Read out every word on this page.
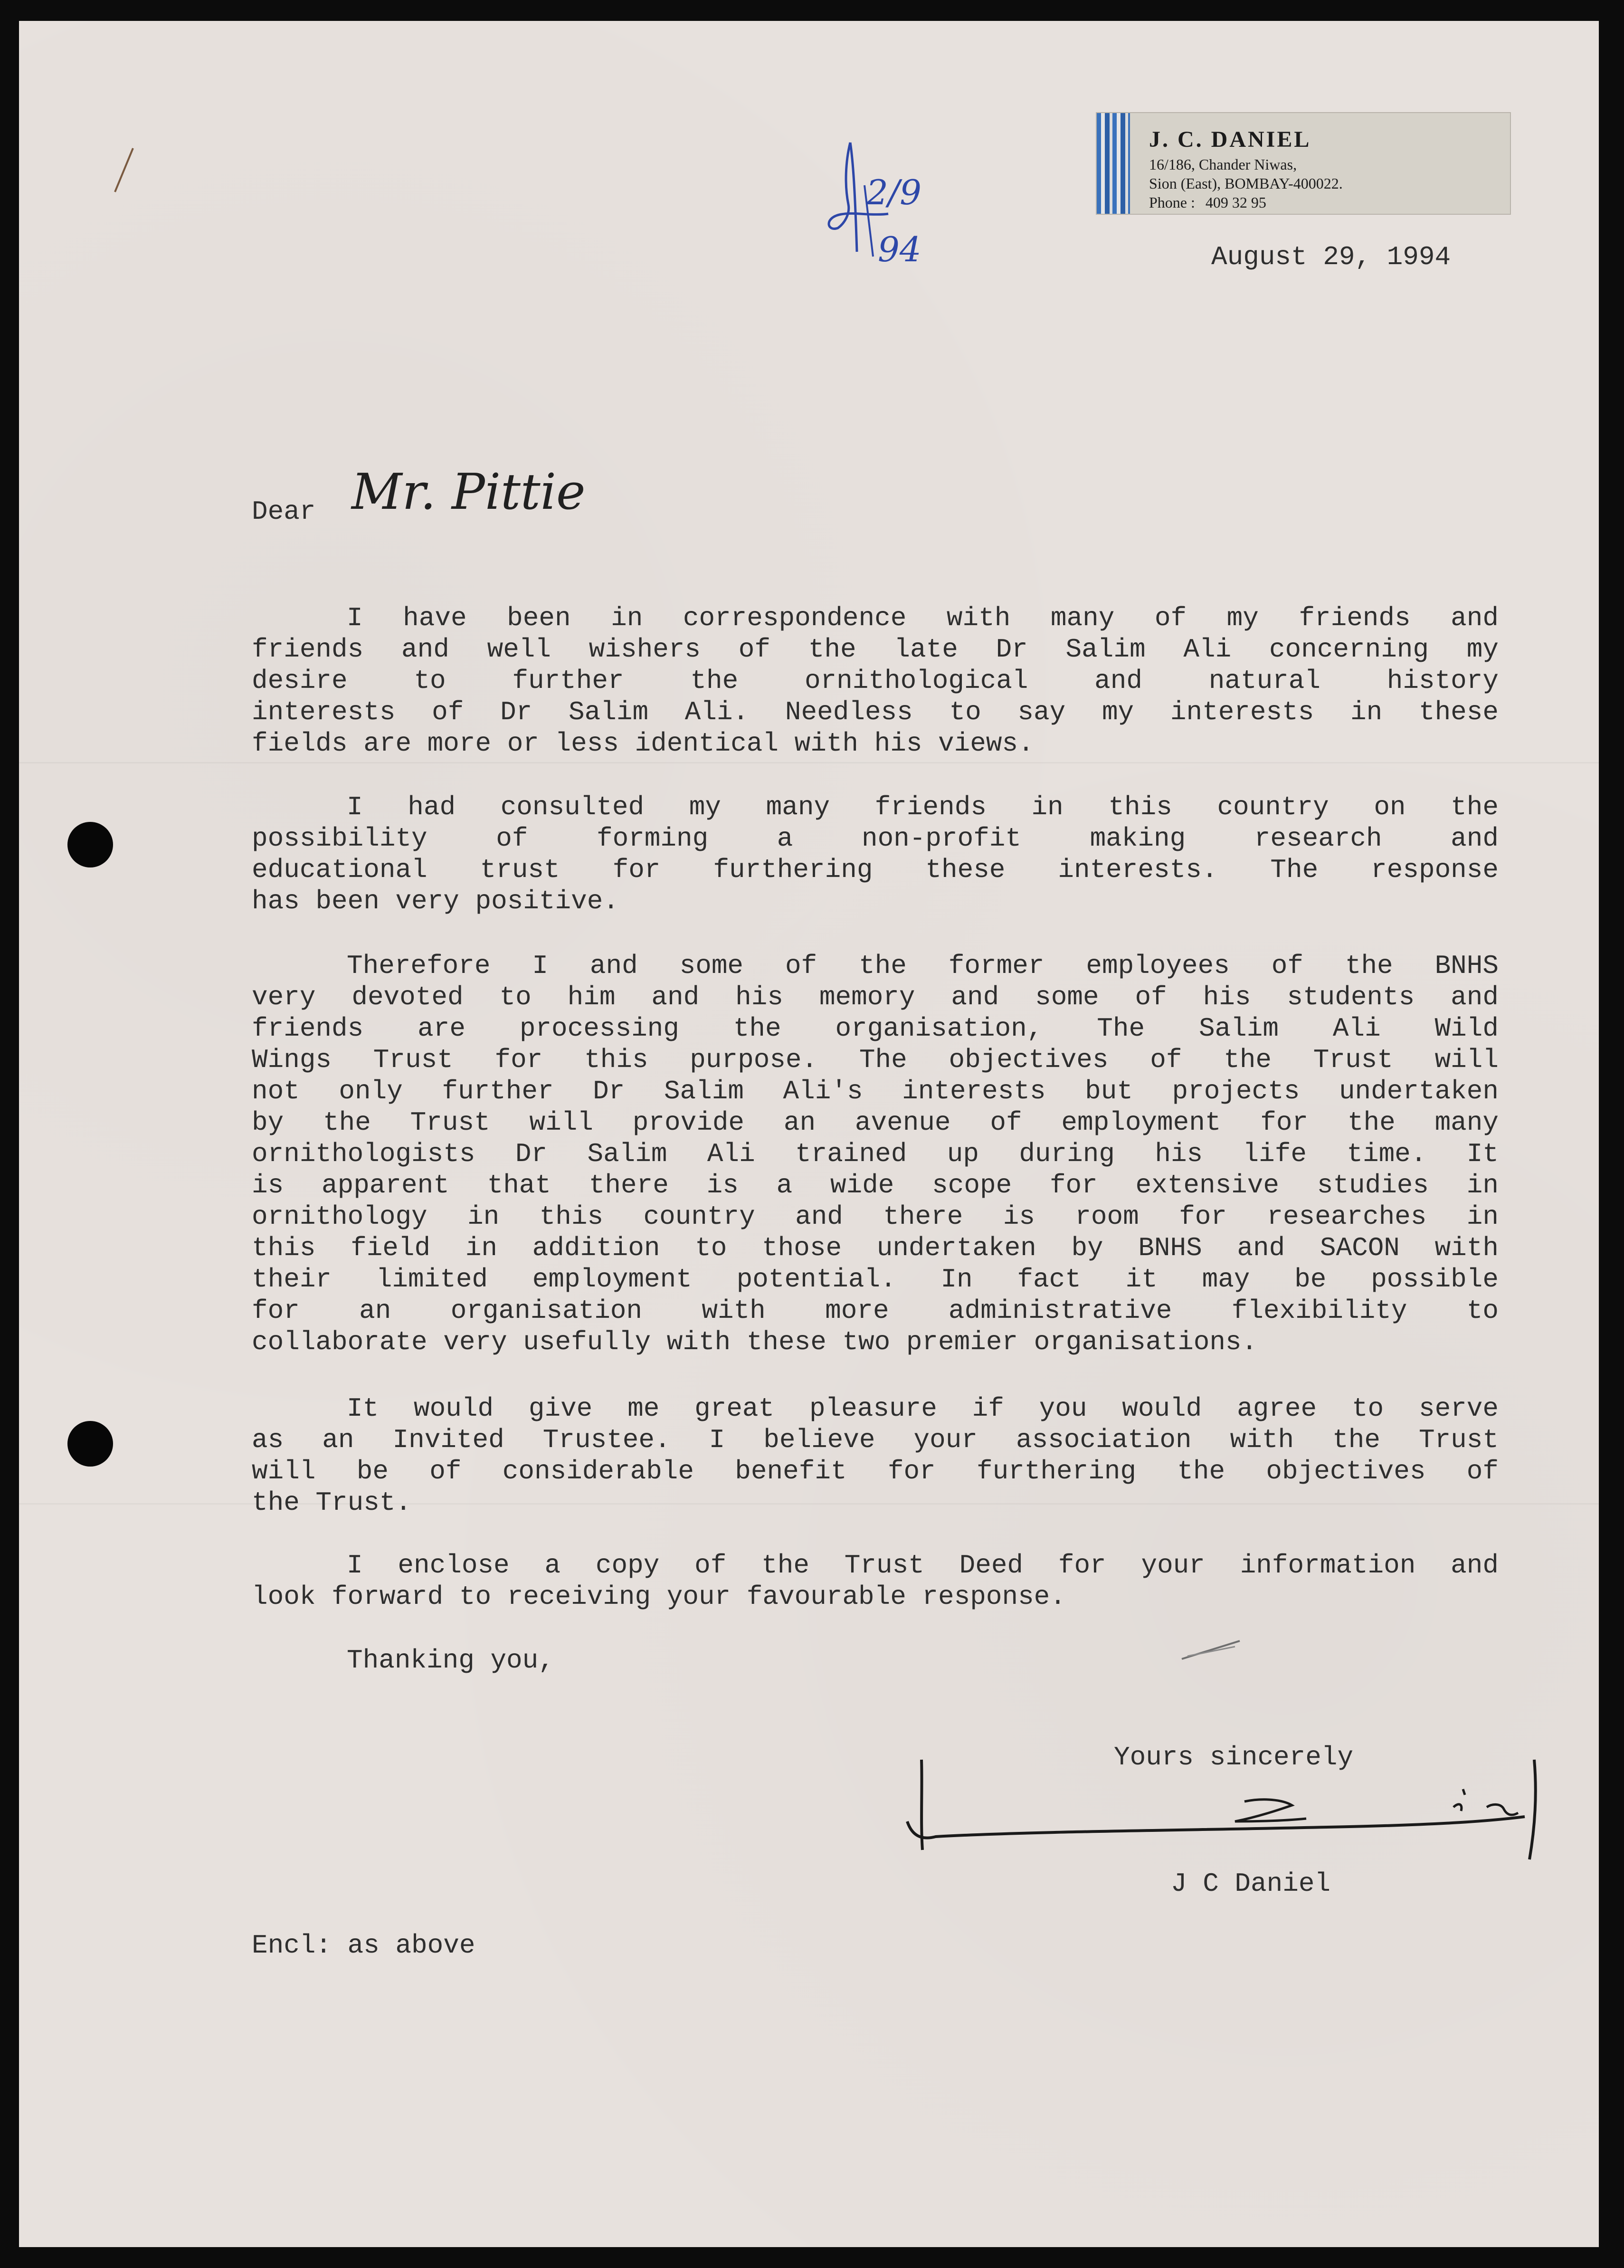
J. C. DANIEL
16/186, Chander Niwas,
Sion (East), BOMBAY-400022.
Phone : 409 32 95
2/9
94	August 29, 1994
Dear Mr. Pittie
I have been in correspondence with many of my friends and
friends and well wishers of the late Dr Salim Ali concerning my
desire to further the ornithological and natural history
interests of Dr Salim Ali. Needless to say my interests in these
fields are more or less identical with his views.
I had consulted my many friends in this country on the
possibility of forming a non-profit making research and
educational trust for furthering these interests. The response
has been very positive.
Therefore I and some of the former employees of the BNHS
very devoted to him and his memory and some of his students and
friends are processing the organisation, The Salim Ali Wild
Wings Trust for this purpose. The objectives of the Trust will
not only further Dr Salim Ali's interests but projects undertaken
by the Trust will provide an avenue of employment for the many
ornithologists Dr Salim Ali trained up during his life time. It
is apparent that there is a wide scope for extensive studies in
ornithology in this country and there is room for researches in
this field in addition to those undertaken by BNHS and SACON with
their limited employment potential. In fact it may be possible
for an organisation with more administrative flexibility to
collaborate very usefully with these two premier organisations.
It would give me great pleasure if you would agree to serve
as an Invited Trustee. I believe your association with the Trust
will be of considerable benefit for furthering the objectives of
the Trust.
I enclose a copy of the Trust Deed for your information and
look forward to receiving your favourable response.
Thanking you,
Yours sincerely
J C Daniel
Encl: as above
